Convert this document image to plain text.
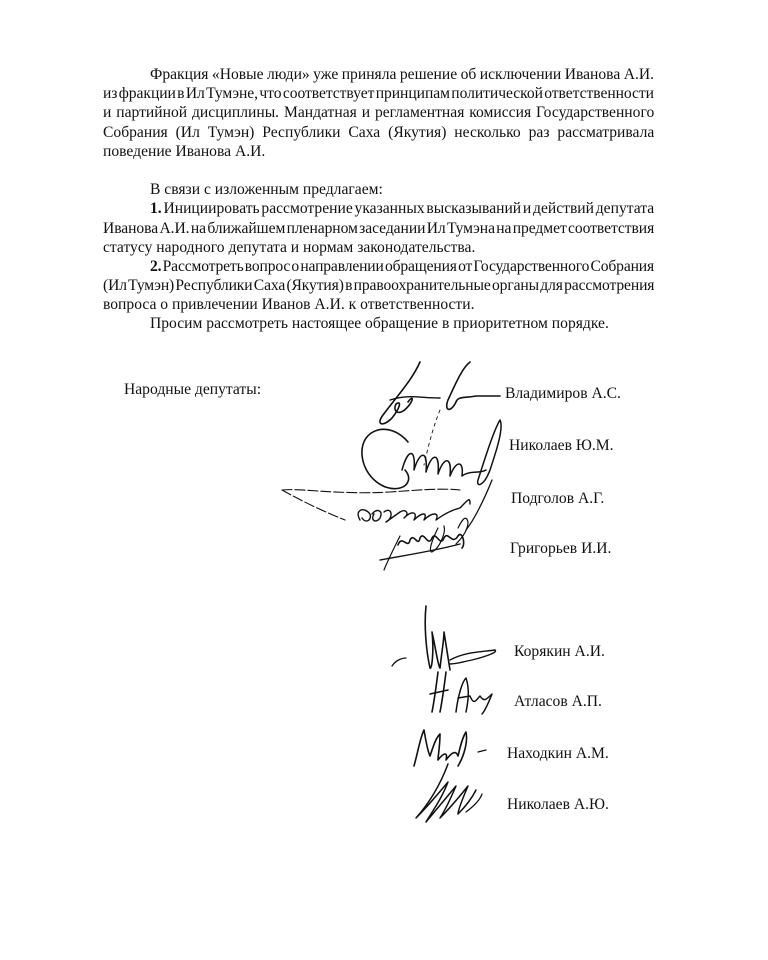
Фракция «Новые люди» уже приняла решение об исключении Иванова А.И.
из фракции в Ил Тумэне, что соответствует принципам политической ответственности
и партийной дисциплины. Мандатная и регламентная комиссия Государственного
Собрания (Ил Тумэн) Республики Саха (Якутия) несколько раз рассматривала
поведение Иванова А.И.
В связи с изложенным предлагаем:
1. Инициировать рассмотрение указанных высказываний и действий депутата
Иванова А.И. на ближайшем пленарном заседании Ил Тумэна на предмет соответствия
статусу народного депутата и нормам законодательства.
2. Рассмотреть вопрос о направлении обращения от Государственного Собрания
(Ил Тумэн) Республики Саха (Якутия) в правоохранительные органы для рассмотрения
вопроса о привлечении Иванов А.И. к ответственности.
Просим рассмотреть настоящее обращение в приоритетном порядке.
Народные депутаты:	Владимиров А.С.
Николаев Ю.М.
Подголов А.Г.
Григорьев И.И.
Корякин А.И.
Атласов А.П.
Находкин А.М.
Николаев А.Ю.
